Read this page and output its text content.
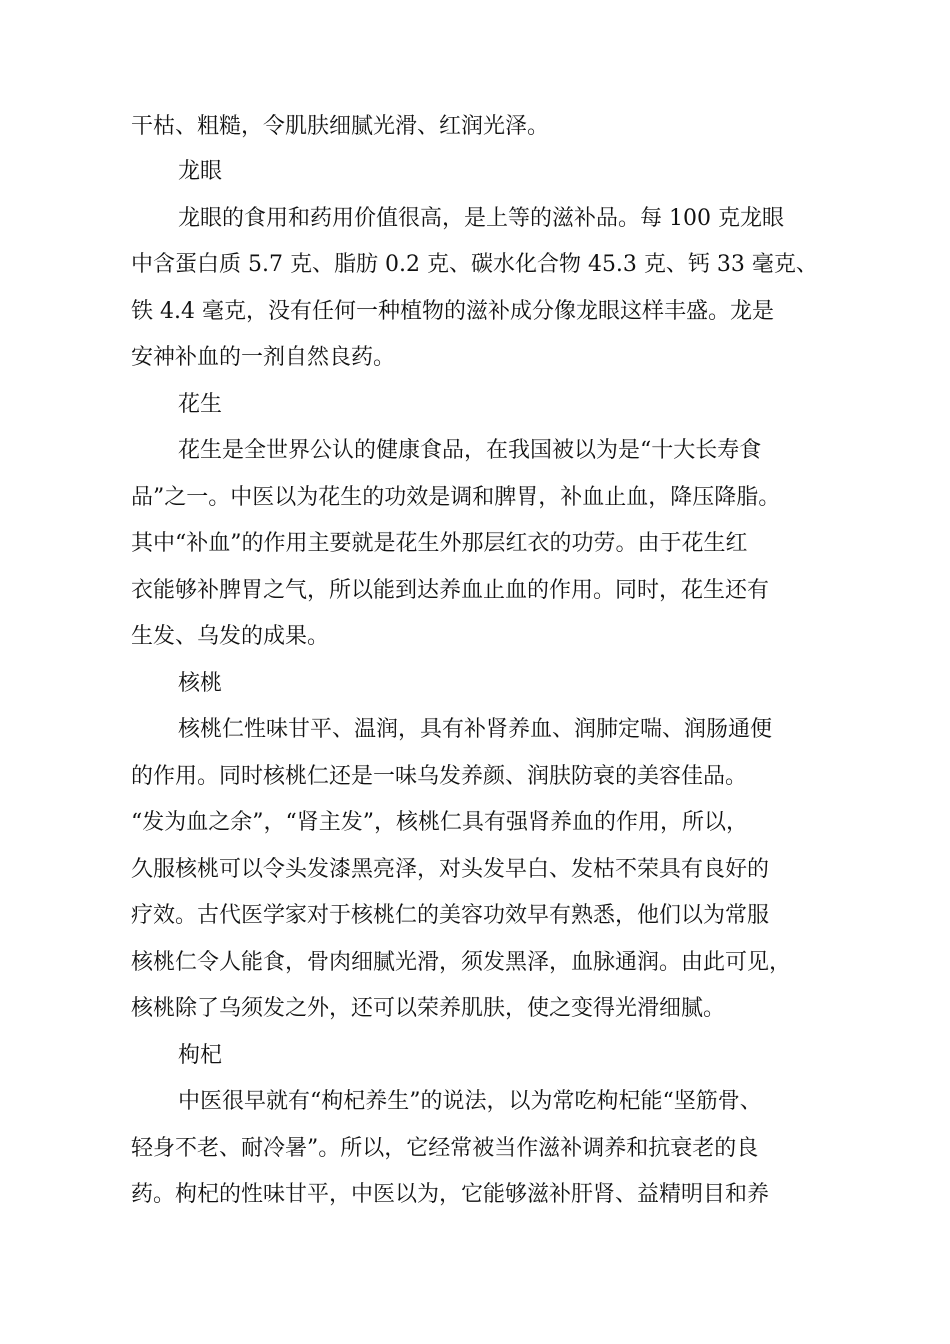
干枯、粗糙，令肌肤细腻光滑、红润光泽。

龙眼

龙眼的食用和药用价值很高，是上等的滋补品。每 100 克龙眼

中含蛋白质 5.7 克、脂肪 0.2 克、碳水化合物 45.3 克、钙 33 毫克、

铁 4.4 毫克，没有任何一种植物的滋补成分像龙眼这样丰盛。龙是

安神补血的一剂自然良药。

花生

花生是全世界公认的健康食品，在我国被以为是“十大长寿食

品”之一。中医以为花生的功效是调和脾胃，补血止血，降压降脂。

其中“补血”的作用主要就是花生外那层红衣的功劳。由于花生红

衣能够补脾胃之气，所以能到达养血止血的作用。同时，花生还有

生发、乌发的成果。

核桃

核桃仁性味甘平、温润，具有补肾养血、润肺定喘、润肠通便

的作用。同时核桃仁还是一味乌发养颜、润肤防衰的美容佳品。

“发为血之余”，“肾主发”，核桃仁具有强肾养血的作用，所以，

久服核桃可以令头发漆黑亮泽，对头发早白、发枯不荣具有良好的

疗效。古代医学家对于核桃仁的美容功效早有熟悉，他们以为常服

核桃仁令人能食，骨肉细腻光滑，须发黑泽，血脉通润。由此可见，

核桃除了乌须发之外，还可以荣养肌肤，使之变得光滑细腻。

枸杞

中医很早就有“枸杞养生”的说法，以为常吃枸杞能“坚筋骨、

轻身不老、耐冷暑”。所以，它经常被当作滋补调养和抗衰老的良

药。枸杞的性味甘平，中医以为，它能够滋补肝肾、益精明目和养
